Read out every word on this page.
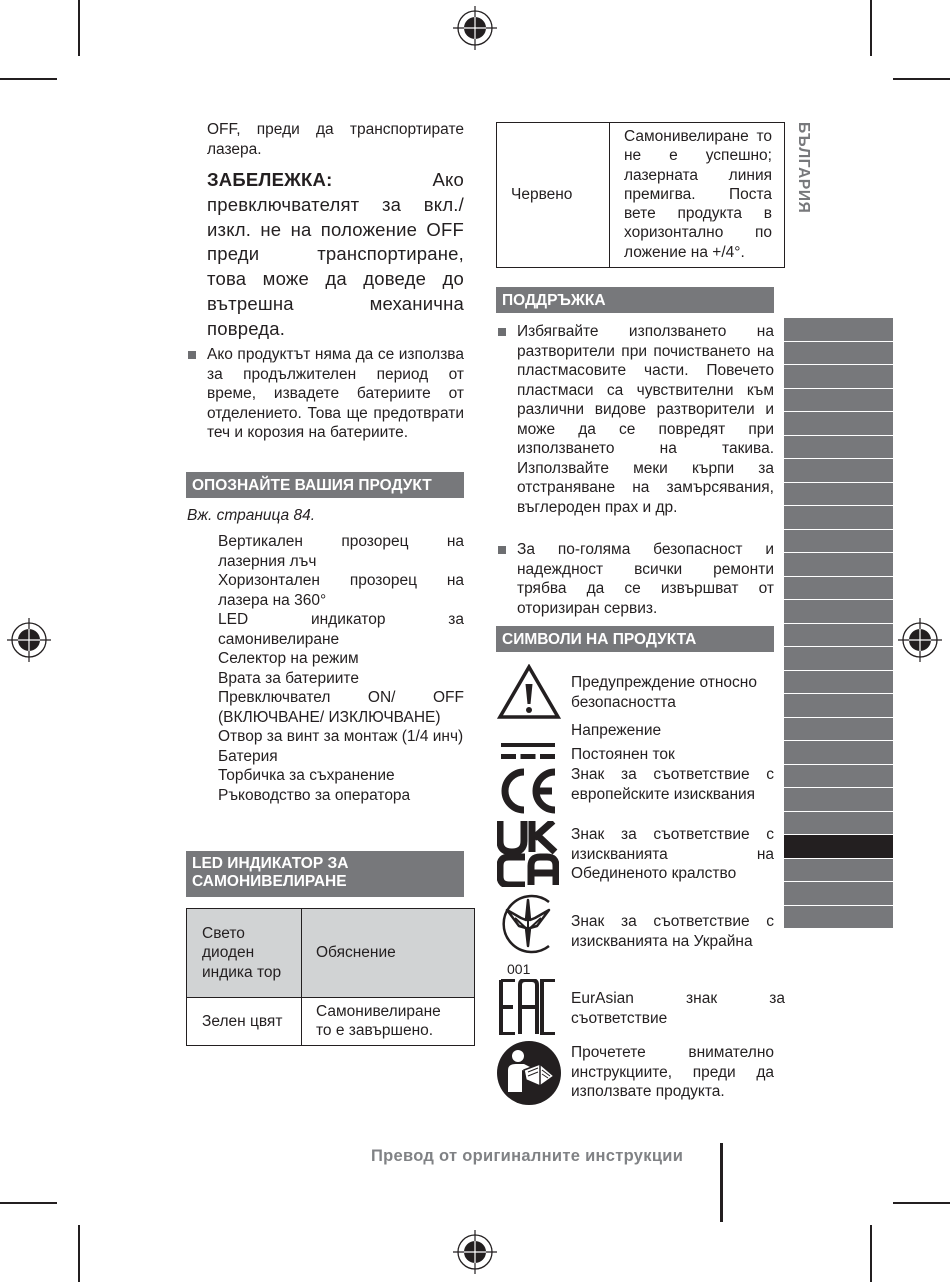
OFF, преди да транспортирате лазера.
ЗАБЕЛЕЖКА:	Ако
превключвателят за вкл./
изкл. не на положение OFF
преди транспортиране,
това може да доведе до
вътрешна механична
повреда.
Ако продуктът няма да се използва за продължителен период от време, извадете батериите от отделението. Това ще предотврати теч и корозия на батериите.
ОПОЗНАЙТЕ ВАШИЯ ПРОДУКТ
Вж. страница 84.
Вертикален прозорец на лазерния лъч
Хоризонтален прозорец на лазера на 360°
LED индикатор за самонивелиране
Селектор на режим
Врата за батериите
Превключвател ON/ OFF (ВКЛЮЧВАНЕ/ ИЗКЛЮЧВАНЕ)
Отвор за винт за монтаж (1/4 инч)
Батерия
Торбичка за съхранение
Ръководство за оператора
LED ИНДИКАТОР ЗА
САМОНИВЕЛИРАНЕ
Свето диоден индика тор	Обяснение
Зелен цвят	Самонивелиране то е завършено.
Червено	Самонивелиране то не е успешно; лазерната линия премигва. Поста вете продукта в хоризонтално по ложение на +/4°.
ПОДДРЪЖКА
Избягвайте използването на разтворители при почистването на пластмасовите части. Повечето пластмаси са чувствителни към различни видове разтворители и може да се повредят при използването на такива. Използвайте меки кърпи за отстраняване на замърсявания, въглероден прах и др.
За по-голяма безопасност и надеждност всички ремонти трябва да се извършват от оторизиран сервиз.
СИМВОЛИ НА ПРОДУКТА
001
Предупреждение относно безопасността
Напрежение
Постоянен ток
Знак за съответствие с европейските изисквания
Знак за съответствие с изискванията на Обединеното кралство
Знак за съответствие с изискванията на Украйна
EurAsian знак за съответствие
Прочетете внимателно инструкциите, преди да използвате продукта.
БЪЛГАРИЯ
Превод от оригиналните инструкции
